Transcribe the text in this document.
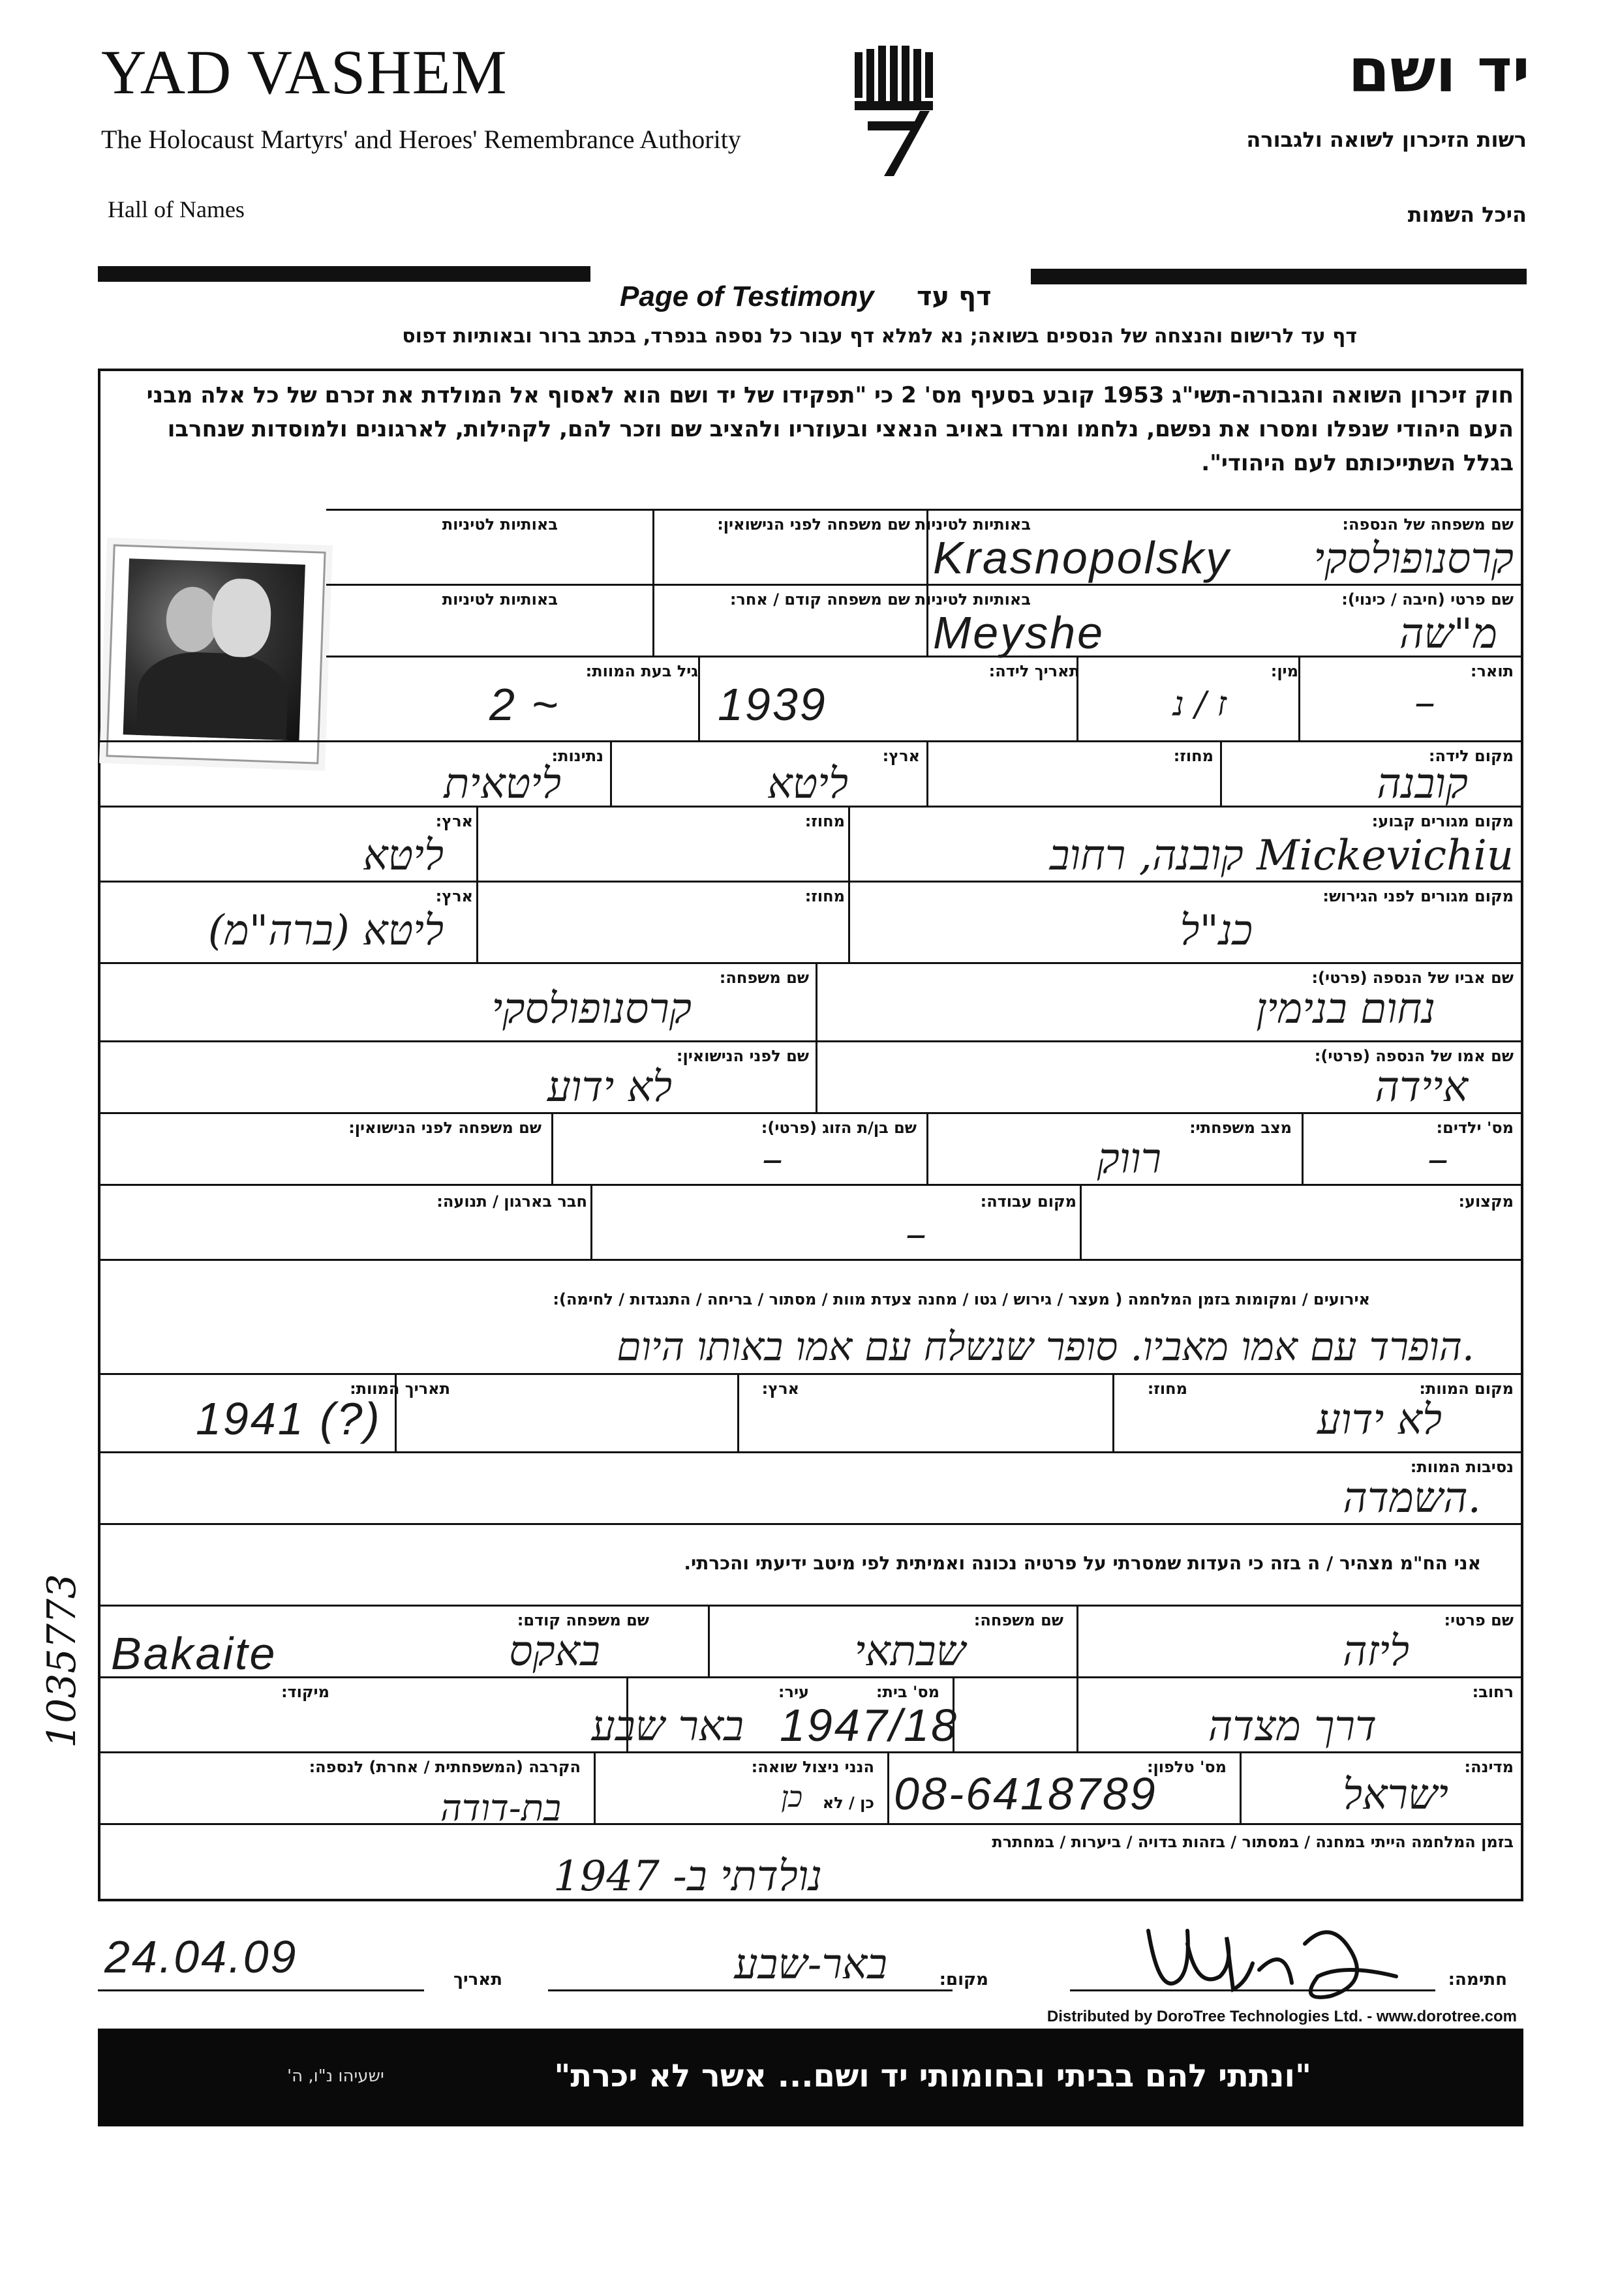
YAD VASHEM
The Holocaust Martyrs' and Heroes' Remembrance Authority
Hall of Names
יד ושם
רשות הזיכרון לשואה ולגבורה
היכל השמות
Page of Testimony דף עד
דף עד לרישום והנצחה של הנספים בשואה; נא למלא דף עבור כל נספה בנפרד, בכתב ברור ובאותיות דפוס
חוק זיכרון השואה והגבורה-תשי"ג 1953 קובע בסעיף מס' 2 כי "תפקידו של יד ושם הוא לאסוף אל המולדת את זכרם של כל אלה מבני העם היהודי שנפלו ומסרו את נפשם, נלחמו ומרדו באויב הנאצי ובעוזריו ולהציב שם וזכר להם, לקהילות, לארגונים ולמוסדות שנחרבו בגלל השתייכותם לעם היהודי".
שם משפחה של הנספה:
באותיות לטיניות
שם משפחה לפני הנישואין:
באותיות לטיניות
קרסנופולסקי
Krasnopolsky
שם פרטי (חיבה / כינוי):
באותיות לטיניות
שם משפחה קודם / אחר:
באותיות לטיניות
מ"שה
Meyshe
תואר:
מין:
תאריך לידה:
גיל בעת המוות:
–
ז / נ
1939
2 ~
מקום לידה:
מחוז:
ארץ:
נתינות:
קובנה
ליטא
ליטאית
מקום מגורים קבוע:
מחוז:
ארץ:
קובנה, רחוב Mickevichiu
ליטא
מקום מגורים לפני הגירוש:
מחוז:
ארץ:
כנ"ל
ליטא (ברה"מ)
שם אביו של הנספה (פרטי):
שם משפחה:
נחום בנימין
קרסנופולסקי
שם אמו של הנספה (פרטי):
שם לפני הנישואין:
איידה
לא ידוע
מס' ילדים:
מצב משפחתי:
שם בן/ת הזוג (פרטי):
שם משפחה לפני הנישואין:
–
רווק
–
מקצוע:
מקום עבודה:
חבר בארגון / תנועה:
–
אירועים / ומקומות בזמן המלחמה ( מעצר / גירוש / גטו / מחנה צעדת מוות / מסתור / בריחה / התנגדות / לחימה):
הופרד עם אמו מאביו. סופר שנשלח עם אמו באותו היום.
מקום המוות:
מחוז:
ארץ:
תאריך המוות:
לא ידוע
1941 (?)
נסיבות המוות:
השמדה.
אני הח"מ מצהיר / ה בזה כי העדות שמסרתי על פרטיה נכונה ואמיתית לפי מיטב ידיעתי והכרתי.
שם פרטי:
שם משפחה:
שם משפחה קודם:
ליזה
שבתאי
באקס
Bakaite
רחוב:
מס' בית:
עיר:
מיקוד:
דרך מצדה
1947/18
באר שבע
מדינה:
מס' טלפון:
הנני ניצול שואה:
כן / לא
הקרבה (המשפחתית / אחרת) לנספה:
ישראל
08-6418789
כן
בת-דודה
בזמן המלחמה הייתי במחנה / במסתור / בזהות בדויה / ביערות / במחתרת
נולדתי ב- 1947
חתימה:
מקום:
באר-שבע
תאריך
24.04.09
1035773
Distributed by DoroTree Technologies Ltd. - www.dorotree.com
"ונתתי להם בביתי ובחומותי יד ושם... אשר לא יכרת"
ישעיהו נ"ו, ה'
